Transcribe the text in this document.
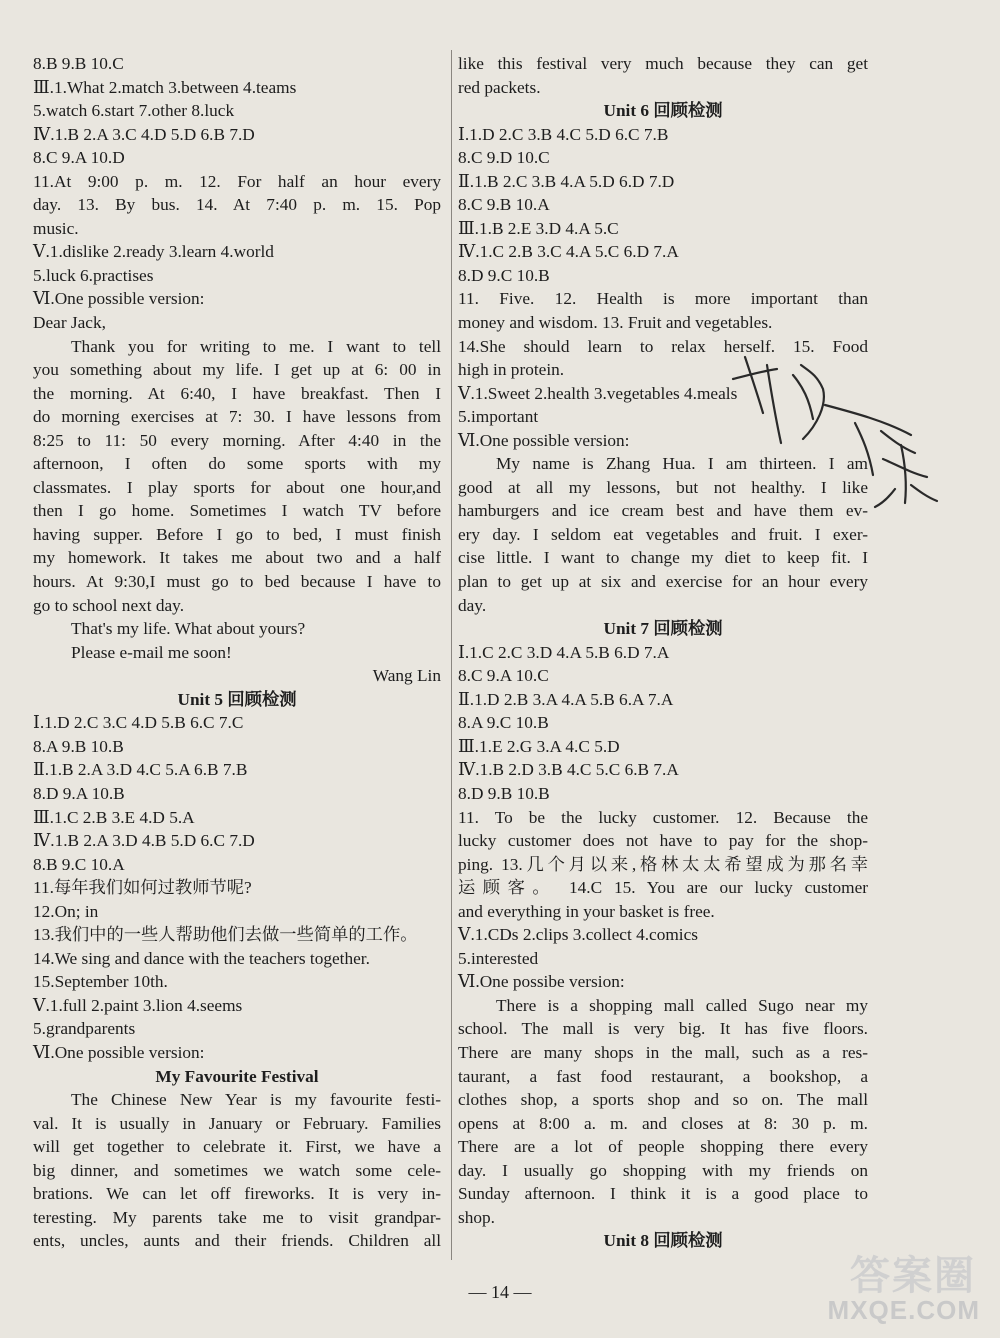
8.B 9.B 10.C
Ⅲ.1.What 2.match 3.between 4.teams
5.watch 6.start 7.other 8.luck
Ⅳ.1.B 2.A 3.C 4.D 5.D 6.B 7.D
8.C 9.A 10.D
11.At 9:00 p. m. 12. For half an hour every
day. 13. By bus. 14. At 7:40 p. m. 15. Pop
music.
Ⅴ.1.dislike 2.ready 3.learn 4.world
5.luck 6.practises
Ⅵ.One possible version:
Dear Jack,
Thank you for writing to me. I want to tell
you something about my life. I get up at 6: 00 in
the morning. At 6:40, I have breakfast. Then I
do morning exercises at 7: 30. I have lessons from
8:25 to 11: 50 every morning. After 4:40 in the
afternoon, I often do some sports with my
classmates. I play sports for about one hour,and
then I go home. Sometimes I watch TV before
having supper. Before I go to bed, I must finish
my homework. It takes me about two and a half
hours. At 9:30,I must go to bed because I have to
go to school next day.
That's my life. What about yours?
Please e-mail me soon!
Wang Lin
Unit 5 回顾检测
Ⅰ.1.D 2.C 3.C 4.D 5.B 6.C 7.C
8.A 9.B 10.B
Ⅱ.1.B 2.A 3.D 4.C 5.A 6.B 7.B
8.D 9.A 10.B
Ⅲ.1.C 2.B 3.E 4.D 5.A
Ⅳ.1.B 2.A 3.D 4.B 5.D 6.C 7.D
8.B 9.C 10.A
11.每年我们如何过教师节呢?
12.On; in
13.我们中的一些人帮助他们去做一些简单的工作。
14.We sing and dance with the teachers together.
15.September 10th.
Ⅴ.1.full 2.paint 3.lion 4.seems
5.grandparents
Ⅵ.One possible version:
My Favourite Festival
The Chinese New Year is my favourite festi-
val. It is usually in January or February. Families
will get together to celebrate it. First, we have a
big dinner, and sometimes we watch some cele-
brations. We can let off fireworks. It is very in-
teresting. My parents take me to visit grandpar-
ents, uncles, aunts and their friends. Children all
like this festival very much because they can get
red packets.
Unit 6 回顾检测
Ⅰ.1.D 2.C 3.B 4.C 5.D 6.C 7.B
8.C 9.D 10.C
Ⅱ.1.B 2.C 3.B 4.A 5.D 6.D 7.D
8.C 9.B 10.A
Ⅲ.1.B 2.E 3.D 4.A 5.C
Ⅳ.1.C 2.B 3.C 4.A 5.C 6.D 7.A
8.D 9.C 10.B
11. Five. 12. Health is more important than
money and wisdom. 13. Fruit and vegetables.
14.She should learn to relax herself. 15. Food
high in protein.
Ⅴ.1.Sweet 2.health 3.vegetables 4.meals
5.important
Ⅵ.One possible version:
My name is Zhang Hua. I am thirteen. I am
good at all my lessons, but not healthy. I like
hamburgers and ice cream best and have them ev-
ery day. I seldom eat vegetables and fruit. I exer-
cise little. I want to change my diet to keep fit. I
plan to get up at six and exercise for an hour every
day.
Unit 7 回顾检测
Ⅰ.1.C 2.C 3.D 4.A 5.B 6.D 7.A
8.C 9.A 10.C
Ⅱ.1.D 2.B 3.A 4.A 5.B 6.A 7.A
8.A 9.C 10.B
Ⅲ.1.E 2.G 3.A 4.C 5.D
Ⅳ.1.B 2.D 3.B 4.C 5.C 6.B 7.A
8.D 9.B 10.B
11. To be the lucky customer. 12. Because the
lucky customer does not have to pay for the shop-
ping. 13.几个月以来,格林太太希望成为那名幸
运顾客。 14.C 15. You are our lucky customer
and everything in your basket is free.
Ⅴ.1.CDs 2.clips 3.collect 4.comics
5.interested
Ⅵ.One possibe version:
There is a shopping mall called Sugo near my
school. The mall is very big. It has five floors.
There are many shops in the mall, such as a res-
taurant, a fast food restaurant, a bookshop, a
clothes shop, a sports shop and so on. The mall
opens at 8:00 a. m. and closes at 8: 30 p. m.
There are a lot of people shopping there every
day. I usually go shopping with my friends on
Sunday afternoon. I think it is a good place to
shop.
Unit 8 回顾检测
— 14 —	答案圈
MXQE.COM
